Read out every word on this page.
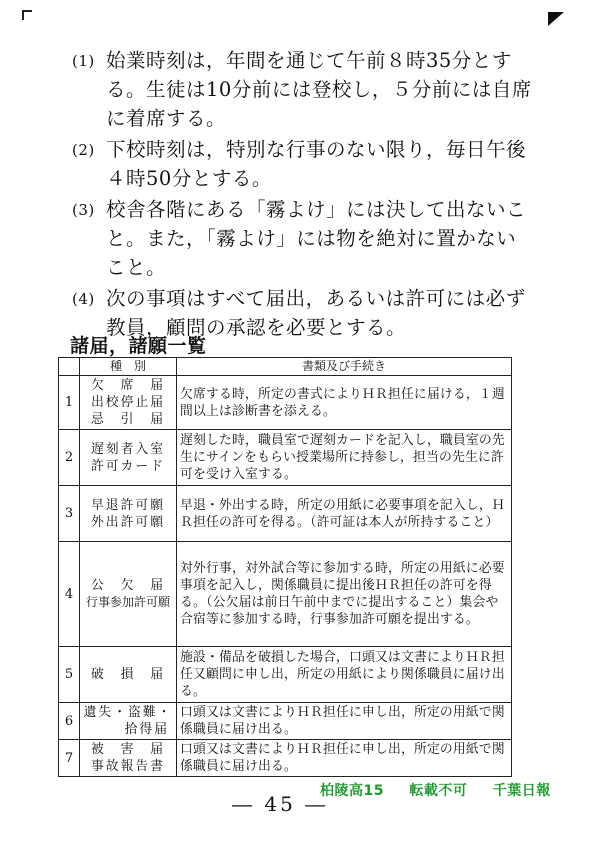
(1) 始業時刻は，年間を通じて午前８時35分とする。生徒は10分前には登校し，５分前には自席に着席する。
(2) 下校時刻は，特別な行事のない限り，毎日午後４時50分とする。
(3) 校舎各階にある「霧よけ」には決して出ないこと。また，「霧よけ」には物を絶対に置かないこと。
(4) 次の事項はすべて届出，あるいは許可には必ず教員，顧問の承認を必要とする。
諸届，諸願一覧
	種　別	書類及び手続き
1	欠　席　届
出校停止届
忌　引　届	欠席する時，所定の書式によりＨＲ担任に届ける，１週間以上は診断書を添える。
2	遅刻者入室
許可カード	遅刻した時，職員室で遅刻カードを記入し，職員室の先生にサインをもらい授業場所に持参し，担当の先生に許可を受け入室する。
3	早退許可願
外出許可願	早退・外出する時，所定の用紙に必要事項を記入し，ＨＲ担任の許可を得る。（許可証は本人が所持すること）
4	公　欠　届
行事参加許可願	対外行事，対外試合等に参加する時，所定の用紙に必要事項を記入し，関係職員に提出後ＨＲ担任の許可を得る。（公欠届は前日午前中までに提出すること）集会や合宿等に参加する時，行事参加許可願を提出する。
5	破　損　届	施設・備品を破損した場合，口頭又は文書によりＨＲ担任又顧問に申し出，所定の用紙により関係職員に届け出る。
6	遺失・盗難・
拾得届	口頭又は文書によりＨＲ担任に申し出，所定の用紙で関係職員に届け出る。
7	被　害　届
事故報告書	口頭又は文書によりＨＲ担任に申し出，所定の用紙で関係職員に届け出る。
柏陵高15 転載不可 千葉日報
― 45 ―
